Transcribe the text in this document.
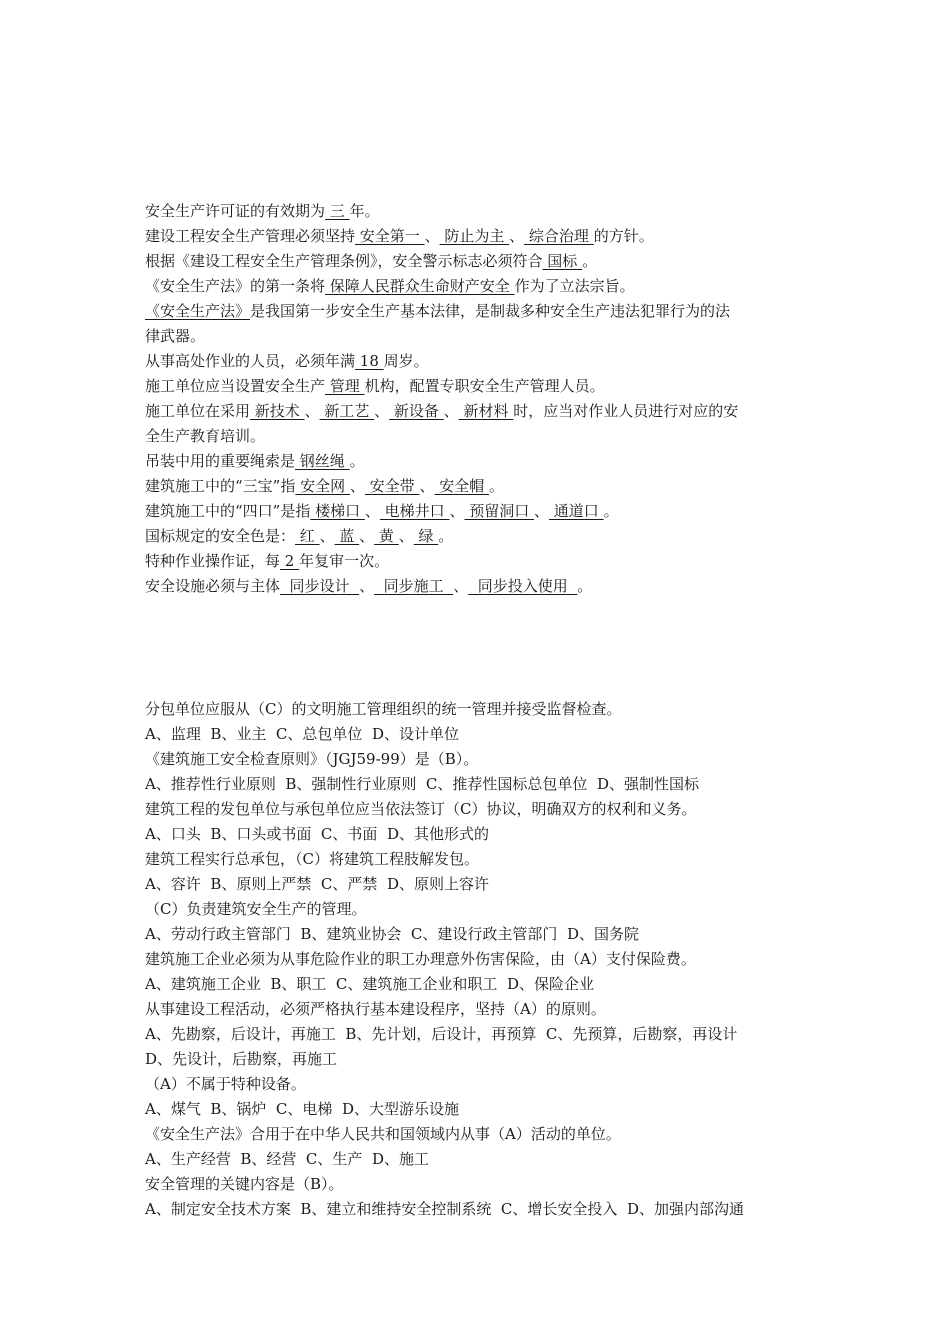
安全生产许可证的有效期为 三 年。
建设工程安全生产管理必须坚持 安全第一 、 防止为主 、 综合治理 的方针。
根据《建设工程安全生产管理条例》，安全警示标志必须符合 国标 。
《安全生产法》的第一条将 保障人民群众生命财产安全 作为了立法宗旨。
《安全生产法》是我国第一步安全生产基本法律，是制裁多种安全生产违法犯罪行为的法
律武器。
从事高处作业的人员，必须年满 18 周岁。
施工单位应当设置安全生产 管理 机构，配置专职安全生产管理人员。
施工单位在采用 新技术 、 新工艺 、 新设备 、 新材料 时，应当对作业人员进行对应的安
全生产教育培训。
吊装中用的重要绳索是 钢丝绳 。
建筑施工中的“三宝”指 安全网 、 安全带 、 安全帽 。
建筑施工中的“四口”是指 楼梯口 、 电梯井口 、 预留洞口 、 通道口 。
国标规定的安全色是： 红 、 蓝 、 黄 、 绿 。
特种作业操作证，每 2 年复审一次。
安全设施必须与主体  同步设计  、  同步施工  、  同步投入使用  。
分包单位应服从（C）的文明施工管理组织的统一管理并接受监督检查。
A、监理  B、业主  C、总包单位  D、设计单位
《建筑施工安全检查原则》（JGJ59-99）是（B）。
A、推荐性行业原则  B、强制性行业原则  C、推荐性国标总包单位  D、强制性国标
建筑工程的发包单位与承包单位应当依法签订（C）协议，明确双方的权利和义务。
A、口头  B、口头或书面  C、书面  D、其他形式的
建筑工程实行总承包，（C）将建筑工程肢解发包。
A、容许  B、原则上严禁  C、严禁  D、原则上容许
（C）负责建筑安全生产的管理。
A、劳动行政主管部门  B、建筑业协会  C、建设行政主管部门  D、国务院
建筑施工企业必须为从事危险作业的职工办理意外伤害保险，由（A）支付保险费。
A、建筑施工企业  B、职工  C、建筑施工企业和职工  D、保险企业
从事建设工程活动，必须严格执行基本建设程序，坚持（A）的原则。
A、先勘察，后设计，再施工  B、先计划，后设计，再预算  C、先预算，后勘察，再设计
D、先设计，后勘察，再施工
（A）不属于特种设备。
A、煤气  B、锅炉  C、电梯  D、大型游乐设施
《安全生产法》合用于在中华人民共和国领域内从事（A）活动的单位。
A、生产经营  B、经营  C、生产  D、施工
安全管理的关键内容是（B）。
A、制定安全技术方案  B、建立和维持安全控制系统  C、增长安全投入  D、加强内部沟通
